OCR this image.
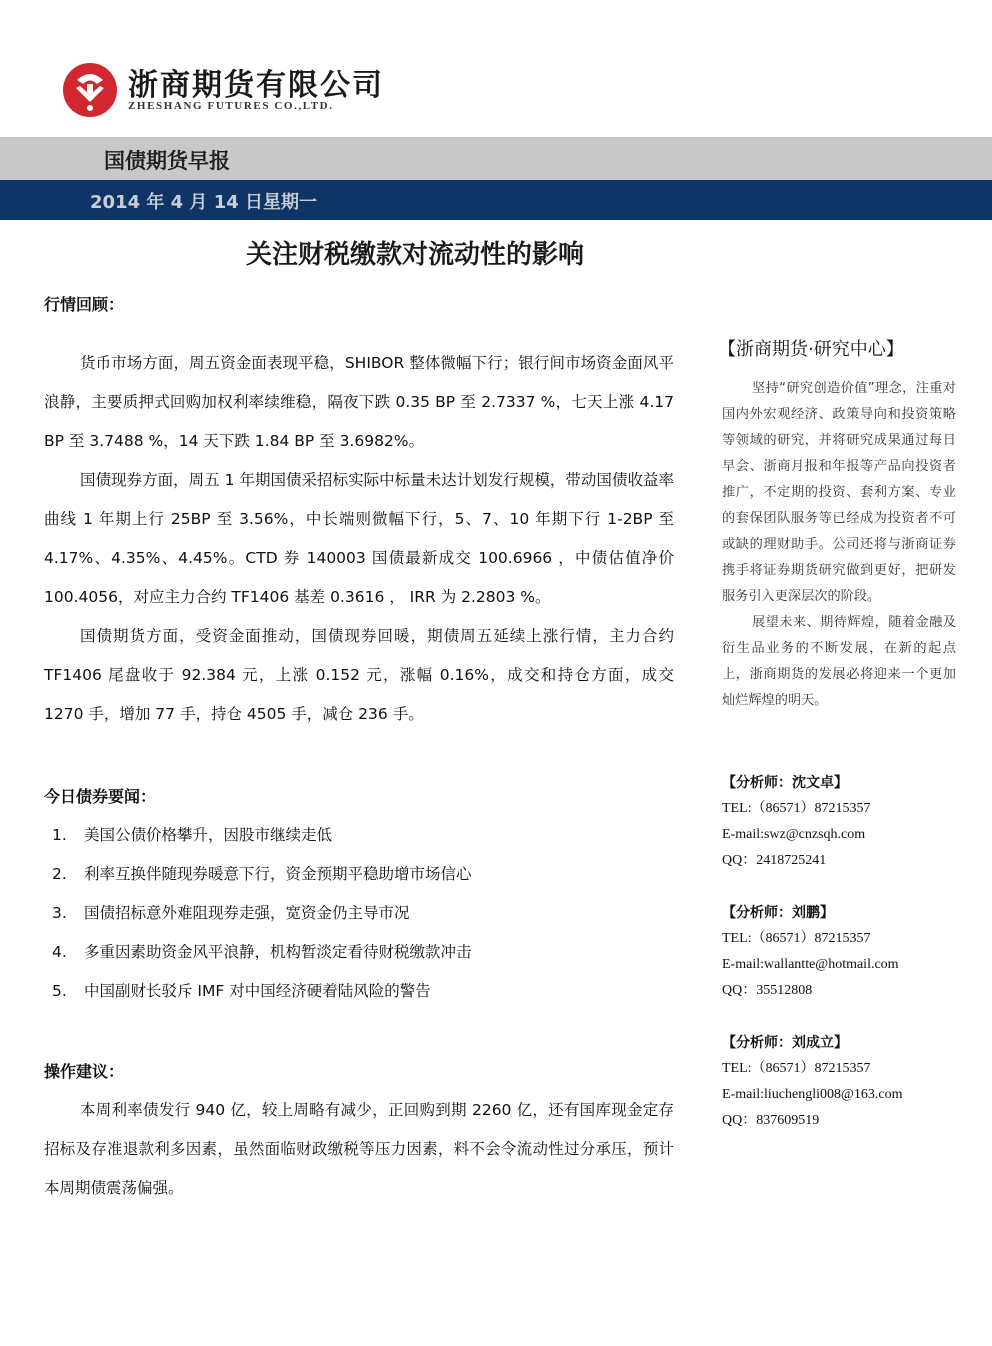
浙商期货有限公司
ZHESHANG FUTURES CO.,LTD.
国债期货早报
2014 年 4 月 14 日星期一
关注财税缴款对流动性的影响
行情回顾：

货币市场方面，周五资金面表现平稳，SHIBOR 整体微幅下行；银行间市场资金面风平浪静，主要质押式回购加权利率续维稳，隔夜下跌 0.35 BP 至 2.7337 %，七天上涨 4.17 BP 至 3.7488 %，14 天下跌 1.84 BP 至 3.6982%。

国债现券方面，周五 1 年期国债采招标实际中标量未达计划发行规模，带动国债收益率曲线 1 年期上行 25BP 至 3.56%，中长端则微幅下行，5、7、10 年期下行 1-2BP 至 4.17%、4.35%、4.45%。CTD 券 140003 国债最新成交 100.6966 ，中债估值净价 100.4056，对应主力合约 TF1406 基差 0.3616 ， IRR 为 2.2803 %。

国债期货方面，受资金面推动，国债现券回暖，期债周五延续上涨行情，主力合约 TF1406 尾盘收于 92.384 元，上涨 0.152 元，涨幅 0.16%，成交和持仓方面，成交 1270 手，增加 77 手，持仓 4505 手，减仓 236 手。

今日债券要闻：
1. 美国公债价格攀升，因股市继续走低
2. 利率互换伴随现券暖意下行，资金预期平稳助增市场信心
3. 国债招标意外难阻现券走强，宽资金仍主导市况
4. 多重因素助资金风平浪静，机构暂淡定看待财税缴款冲击
5. 中国副财长驳斥 IMF 对中国经济硬着陆风险的警告
操作建议：

本周利率债发行 940 亿，较上周略有减少，正回购到期 2260 亿，还有国库现金定存招标及存准退款利多因素，虽然面临财政缴税等压力因素，料不会令流动性过分承压，预计本周期债震荡偏强。

【浙商期货·研究中心】

坚持“研究创造价值”理念，注重对国内外宏观经济、政策导向和投资策略等领域的研究，并将研究成果通过每日早会、浙商月报和年报等产品向投资者推广，不定期的投资、套利方案、专业的套保团队服务等已经成为投资者不可或缺的理财助手。公司还将与浙商证券携手将证券期货研究做到更好，把研发服务引入更深层次的阶段。

展望未来、期待辉煌，随着金融及衍生品业务的不断发展，在新的起点上，浙商期货的发展必将迎来一个更加灿烂辉煌的明天。

【分析师：沈文卓】
TEL:（86571）87215357
E-mail:swz@cnzsqh.com
QQ：2418725241
【分析师：刘鹏】
TEL:（86571）87215357
E-mail:wallantte@hotmail.com
QQ：35512808
【分析师：刘成立】
TEL:（86571）87215357
E-mail:liuchengli008@163.com
QQ：837609519
